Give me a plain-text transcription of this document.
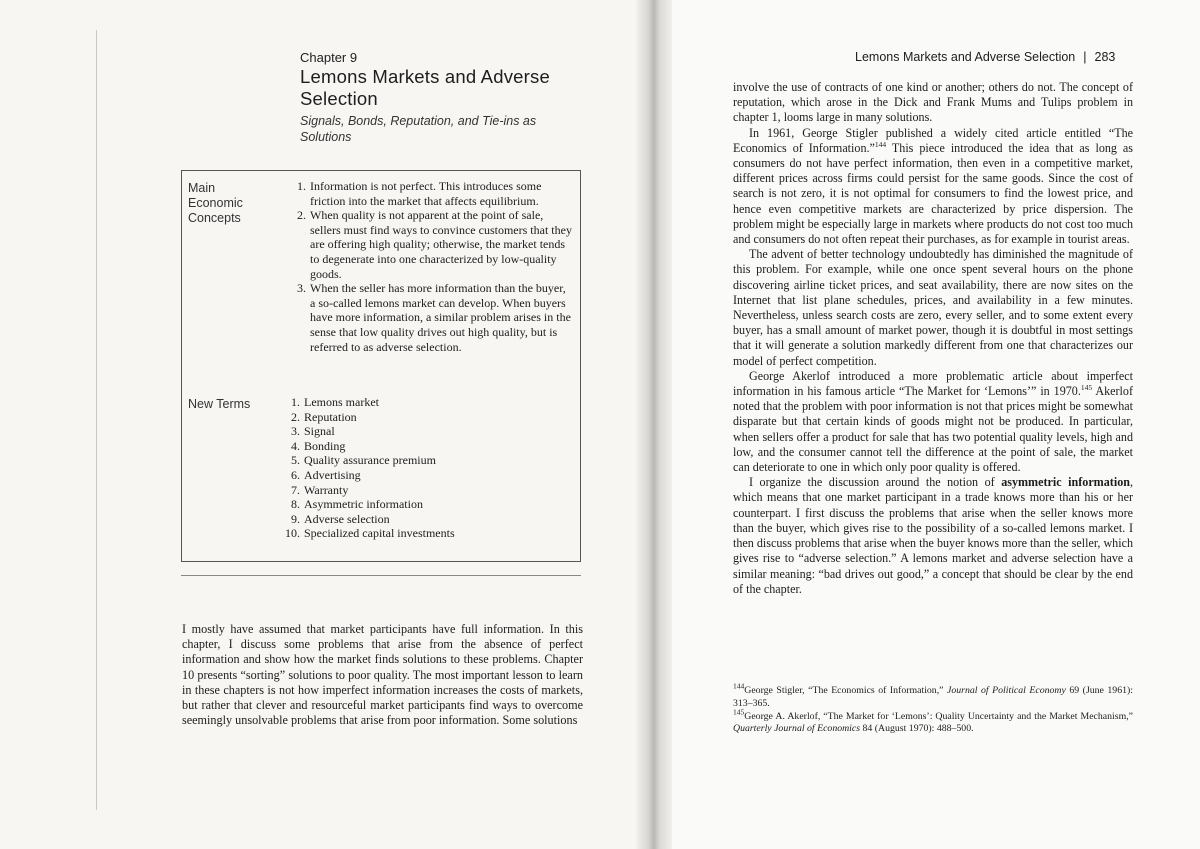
Chapter 9
Lemons Markets and Adverse Selection
Signals, Bonds, Reputation, and Tie-ins as Solutions
Main Economic Concepts
1. Information is not perfect. This introduces some friction into the market that affects equilibrium.
2. When quality is not apparent at the point of sale, sellers must find ways to convince customers that they are offering high quality; otherwise, the market tends to degenerate into one characterized by low-quality goods.
3. When the seller has more information than the buyer, a so-called lemons market can develop. When buyers have more information, a similar problem arises in the sense that low quality drives out high quality, but is referred to as adverse selection.
New Terms	1. Lemons market
2. Reputation
3. Signal
4. Bonding
5. Quality assurance premium
6. Advertising
7. Warranty
8. Asymmetric information
9. Adverse selection
10. Specialized capital investments

I mostly have assumed that market participants have full information. In this chapter, I discuss some problems that arise from the absence of perfect information and show how the market finds solutions to these problems. Chapter 10 presents “sorting” solutions to poor quality. The most important lesson to learn in these chapters is not how imperfect information increases the costs of markets, but rather that clever and resourceful market participants find ways to overcome seemingly unsolvable problems that arise from poor information. Some solutions

Lemons Markets and Adverse Selection | 283

involve the use of contracts of one kind or another; others do not. The concept of reputation, which arose in the Dick and Frank Mums and Tulips problem in chapter 1, looms large in many solutions.

In 1961, George Stigler published a widely cited article entitled “The Economics of Information.”$^{144}$ This piece introduced the idea that as long as consumers do not have perfect information, then even in a competitive market, different prices across firms could persist for the same goods. Since the cost of search is not zero, it is not optimal for consumers to find the lowest price, and hence even competitive markets are characterized by price dispersion. The problem might be especially large in markets where products do not cost too much and consumers do not often repeat their purchases, as for example in tourist areas.

The advent of better technology undoubtedly has diminished the magnitude of this problem. For example, while one once spent several hours on the phone discovering airline ticket prices, and seat availability, there are now sites on the Internet that list plane schedules, prices, and availability in a few minutes. Nevertheless, unless search costs are zero, every seller, and to some extent every buyer, has a small amount of market power, though it is doubtful in most settings that it will generate a solution markedly different from one that characterizes our model of perfect competition.

George Akerlof introduced a more problematic article about imperfect information in his famous article “The Market for ‘Lemons’” in 1970.$^{145}$ Akerlof noted that the problem with poor information is not that prices might be somewhat disparate but that certain kinds of goods might not be produced. In particular, when sellers offer a product for sale that has two potential quality levels, high and low, and the consumer cannot tell the difference at the point of sale, the market can deteriorate to one in which only poor quality is offered.

I organize the discussion around the notion of asymmetric information, which means that one market participant in a trade knows more than his or her counterpart. I first discuss the problems that arise when the seller knows more than the buyer, which gives rise to the possibility of a so-called lemons market. I then discuss problems that arise when the buyer knows more than the seller, which gives rise to “adverse selection.” A lemons market and adverse selection have a similar meaning: “bad drives out good,” a concept that should be clear by the end of the chapter.

$^{144}$George Stigler, “The Economics of Information,” Journal of Political Economy 69 (June 1961): 313–365.

$^{145}$George A. Akerlof, “The Market for ‘Lemons’: Quality Uncertainty and the Market Mechanism,” Quarterly Journal of Economics 84 (August 1970): 488–500.
